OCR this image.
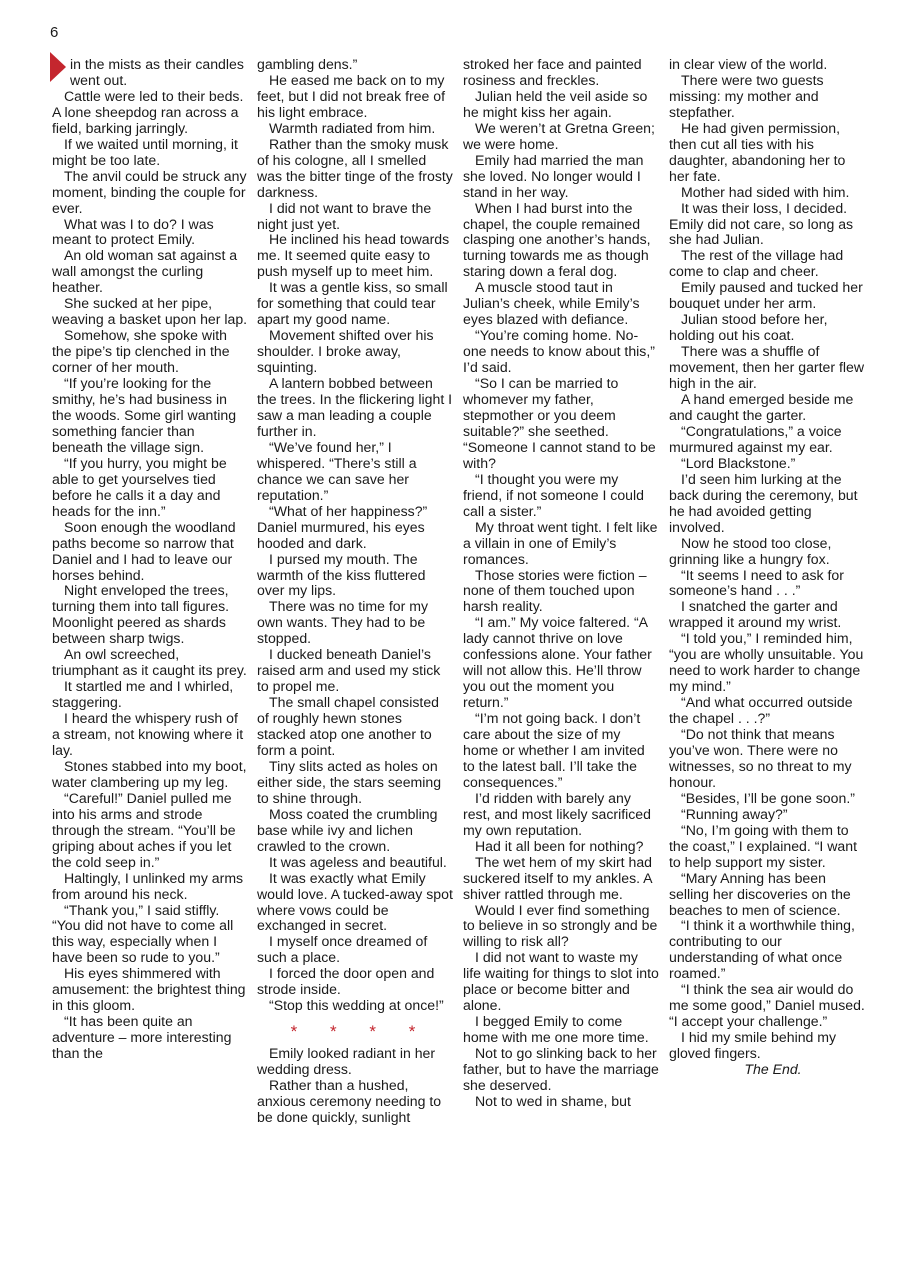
6

in the mists as their candles went out.

Cattle were led to their beds. A lone sheepdog ran across a field, barking jarringly.

If we waited until morning, it might be too late.

The anvil could be struck any moment, binding the couple for ever.

What was I to do? I was meant to protect Emily.

An old woman sat against a wall amongst the curling heather.

She sucked at her pipe, weaving a basket upon her lap.

Somehow, she spoke with the pipe’s tip clenched in the corner of her mouth.

“If you’re looking for the smithy, he’s had business in the woods. Some girl wanting something fancier than beneath the village sign.

“If you hurry, you might be able to get yourselves tied before he calls it a day and heads for the inn.”

Soon enough the woodland paths become so narrow that Daniel and I had to leave our horses behind.

Night enveloped the trees, turning them into tall figures. Moonlight peered as shards between sharp twigs.

An owl screeched, triumphant as it caught its prey.

It startled me and I whirled, staggering.

I heard the whispery rush of a stream, not knowing where it lay.

Stones stabbed into my boot, water clambering up my leg.

“Careful!” Daniel pulled me into his arms and strode through the stream. “You’ll be griping about aches if you let the cold seep in.”

Haltingly, I unlinked my arms from around his neck.

“Thank you,” I said stiffly. “You did not have to come all this way, especially when I have been so rude to you.”

His eyes shimmered with amusement: the brightest thing in this gloom.

“It has been quite an adventure – more interesting than the

gambling dens.”

He eased me back on to my feet, but I did not break free of his light embrace.

Warmth radiated from him.

Rather than the smoky musk of his cologne, all I smelled was the bitter tinge of the frosty darkness.

I did not want to brave the night just yet.

He inclined his head towards me. It seemed quite easy to push myself up to meet him.

It was a gentle kiss, so small for something that could tear apart my good name.

Movement shifted over his shoulder. I broke away, squinting.

A lantern bobbed between the trees. In the flickering light I saw a man leading a couple further in.

“We’ve found her,” I whispered. “There’s still a chance we can save her reputation.”

“What of her happiness?” Daniel murmured, his eyes hooded and dark.

I pursed my mouth. The warmth of the kiss fluttered over my lips.

There was no time for my own wants. They had to be stopped.

I ducked beneath Daniel’s raised arm and used my stick to propel me.

The small chapel consisted of roughly hewn stones stacked atop one another to form a point.

Tiny slits acted as holes on either side, the stars seeming to shine through.

Moss coated the crumbling base while ivy and lichen crawled to the crown.

It was ageless and beautiful.

It was exactly what Emily would love. A tucked-away spot where vows could be exchanged in secret.

I myself once dreamed of such a place.

I forced the door open and strode inside.

“Stop this wedding at once!”

* * * *

Emily looked radiant in her wedding dress.

Rather than a hushed, anxious ceremony needing to be done quickly, sunlight

stroked her face and painted rosiness and freckles.

Julian held the veil aside so he might kiss her again.

We weren’t at Gretna Green; we were home.

Emily had married the man she loved. No longer would I stand in her way.

When I had burst into the chapel, the couple remained clasping one another’s hands, turning towards me as though staring down a feral dog.

A muscle stood taut in Julian’s cheek, while Emily’s eyes blazed with defiance.

“You’re coming home. No-one needs to know about this,” I’d said.

“So I can be married to whomever my father, stepmother or you deem suitable?” she seethed. “Someone I cannot stand to be with?

“I thought you were my friend, if not someone I could call a sister.”

My throat went tight. I felt like a villain in one of Emily’s romances.

Those stories were fiction – none of them touched upon harsh reality.

“I am.” My voice faltered. “A lady cannot thrive on love confessions alone. Your father will not allow this. He’ll throw you out the moment you return.”

“I’m not going back. I don’t care about the size of my home or whether I am invited to the latest ball. I’ll take the consequences.”

I’d ridden with barely any rest, and most likely sacrificed my own reputation.

Had it all been for nothing?

The wet hem of my skirt had suckered itself to my ankles. A shiver rattled through me.

Would I ever find something to believe in so strongly and be willing to risk all?

I did not want to waste my life waiting for things to slot into place or become bitter and alone.

I begged Emily to come home with me one more time.

Not to go slinking back to her father, but to have the marriage she deserved.

Not to wed in shame, but

in clear view of the world.

There were two guests missing: my mother and stepfather.

He had given permission, then cut all ties with his daughter, abandoning her to her fate.

Mother had sided with him.

It was their loss, I decided. Emily did not care, so long as she had Julian.

The rest of the village had come to clap and cheer.

Emily paused and tucked her bouquet under her arm.

Julian stood before her, holding out his coat.

There was a shuffle of movement, then her garter flew high in the air.

A hand emerged beside me and caught the garter.

“Congratulations,” a voice murmured against my ear.

“Lord Blackstone.”

I’d seen him lurking at the back during the ceremony, but he had avoided getting involved.

Now he stood too close, grinning like a hungry fox.

“It seems I need to ask for someone’s hand . . .”

I snatched the garter and wrapped it around my wrist.

“I told you,” I reminded him, “you are wholly unsuitable. You need to work harder to change my mind.”

“And what occurred outside the chapel . . .?”

“Do not think that means you’ve won. There were no witnesses, so no threat to my honour.

“Besides, I’ll be gone soon.”

“Running away?”

“No, I’m going with them to the coast,” I explained. “I want to help support my sister.

“Mary Anning has been selling her discoveries on the beaches to men of science.

“I think it a worthwhile thing, contributing to our understanding of what once roamed.”

“I think the sea air would do me some good,” Daniel mused. “I accept your challenge.”

I hid my smile behind my gloved fingers.

The End.
